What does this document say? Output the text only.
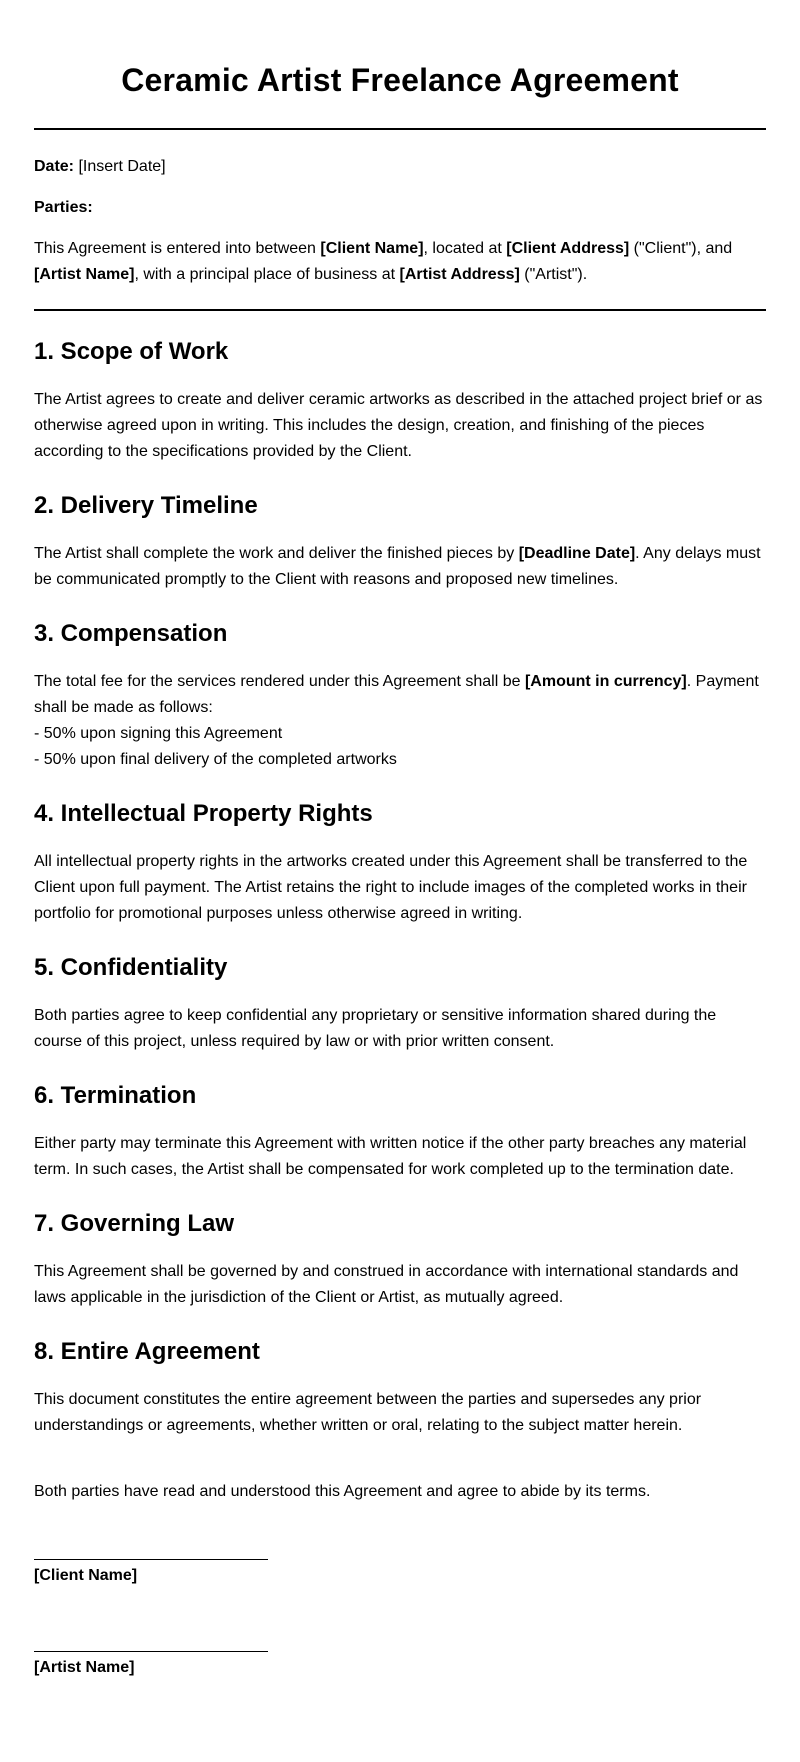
Ceramic Artist Freelance Agreement

Date: [Insert Date]

Parties:

This Agreement is entered into between [Client Name], located at [Client Address] ("Client"), and
[Artist Name], with a principal place of business at [Artist Address] ("Artist").

1. Scope of Work

The Artist agrees to create and deliver ceramic artworks as described in the attached project brief or as otherwise agreed upon in writing. This includes the design, creation, and finishing of the pieces according to the specifications provided by the Client.

2. Delivery Timeline

The Artist shall complete the work and deliver the finished pieces by [Deadline Date]. Any delays must be communicated promptly to the Client with reasons and proposed new timelines.

3. Compensation

The total fee for the services rendered under this Agreement shall be [Amount in currency]. Payment shall be made as follows:
- 50% upon signing this Agreement
- 50% upon final delivery of the completed artworks

4. Intellectual Property Rights

All intellectual property rights in the artworks created under this Agreement shall be transferred to the Client upon full payment. The Artist retains the right to include images of the completed works in their portfolio for promotional purposes unless otherwise agreed in writing.

5. Confidentiality

Both parties agree to keep confidential any proprietary or sensitive information shared during the course of this project, unless required by law or with prior written consent.

6. Termination

Either party may terminate this Agreement with written notice if the other party breaches any material term. In such cases, the Artist shall be compensated for work completed up to the termination date.

7. Governing Law

This Agreement shall be governed by and construed in accordance with international standards and laws applicable in the jurisdiction of the Client or Artist, as mutually agreed.

8. Entire Agreement

This document constitutes the entire agreement between the parties and supersedes any prior understandings or agreements, whether written or oral, relating to the subject matter herein.

Both parties have read and understood this Agreement and agree to abide by its terms.

[Client Name]
[Artist Name]
